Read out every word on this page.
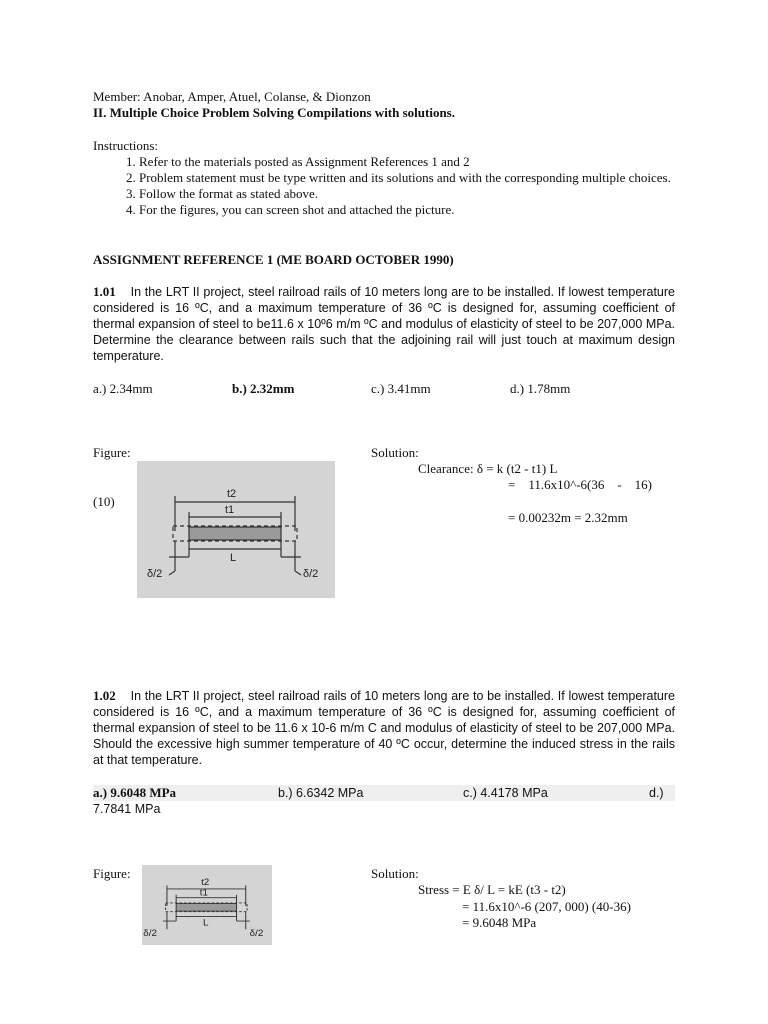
Member: Anobar, Amper, Atuel, Colanse, & Dionzon
II. Multiple Choice Problem Solving Compilations with solutions.
Instructions:
1. Refer to the materials posted as Assignment References 1 and 2
2. Problem statement must be type written and its solutions and with the corresponding multiple choices.
3. Follow the format as stated above.
4. For the figures, you can screen shot and attached the picture.
ASSIGNMENT REFERENCE 1 (ME BOARD OCTOBER 1990)
1.01 In the LRT II project, steel railroad rails of 10 meters long are to be installed. If lowest temperature considered is 16 ºC, and a maximum temperature of 36 ºC is designed for, assuming coefficient of thermal expansion of steel to be11.6 x 10º6 m/m ºC and modulus of elasticity of steel to be 207,000 MPa. Determine the clearance between rails such that the adjoining rail will just touch at maximum design temperature.
a.) 2.34mm	b.) 2.32mm	c.) 3.41mm	d.) 1.78mm
Figure:
(10)	t2
t1
L
δ/2	δ/2
Solution:
Clearance: δ = k (t2 - t1) L
=    11.6x10^-6(36    -    16)
= 0.00232m = 2.32mm
1.02 In the LRT II project, steel railroad rails of 10 meters long are to be installed. If lowest temperature considered is 16 ºC, and a maximum temperature of 36 ºC is designed for, assuming coefficient of thermal expansion of steel to be 11.6 x 10-6 m/m C and modulus of elasticity of steel to be 207,000 MPa. Should the excessive high summer temperature of 40 ºC occur, determine the induced stress in the rails at that temperature.
a.) 9.6048 MPa	b.) 6.6342 MPa	c.) 4.4178 MPa	d.)
7.7841 MPa
Figure:
t2
t1
L
δ/2	δ/2
Solution:
Stress = E δ/ L = kE (t3 - t2)
= 11.6x10^-6 (207, 000) (40-36)
= 9.6048 MPa
